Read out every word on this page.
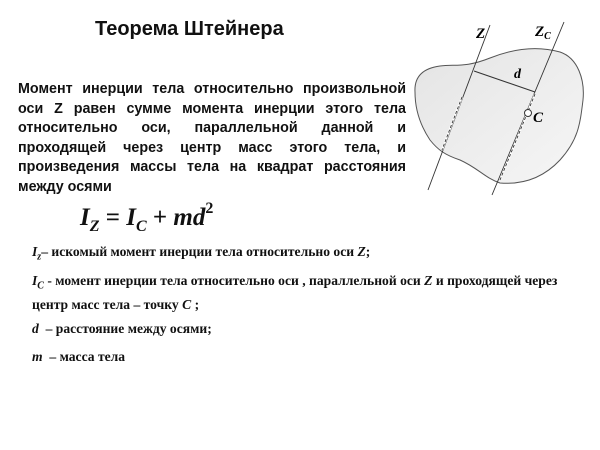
Теорема Штейнера
Момент инерции тела относительно произвольной оси Z равен сумме момента инерции этого тела относительно оси, параллельной данной и проходящей через центр масс этого тела, и произведения массы тела на квадрат расстояния между осями
Z	$Z_C$
d
C
$I_Z = I_C + md^2$
$I_z-$ искомый момент инерции тела относительно оси Z;
$I_C$ - момент инерции тела относительно оси , параллельной оси Z и проходящей через центр масс тела – точку C ;
d  – расстояние между осями;
m  – масса тела
